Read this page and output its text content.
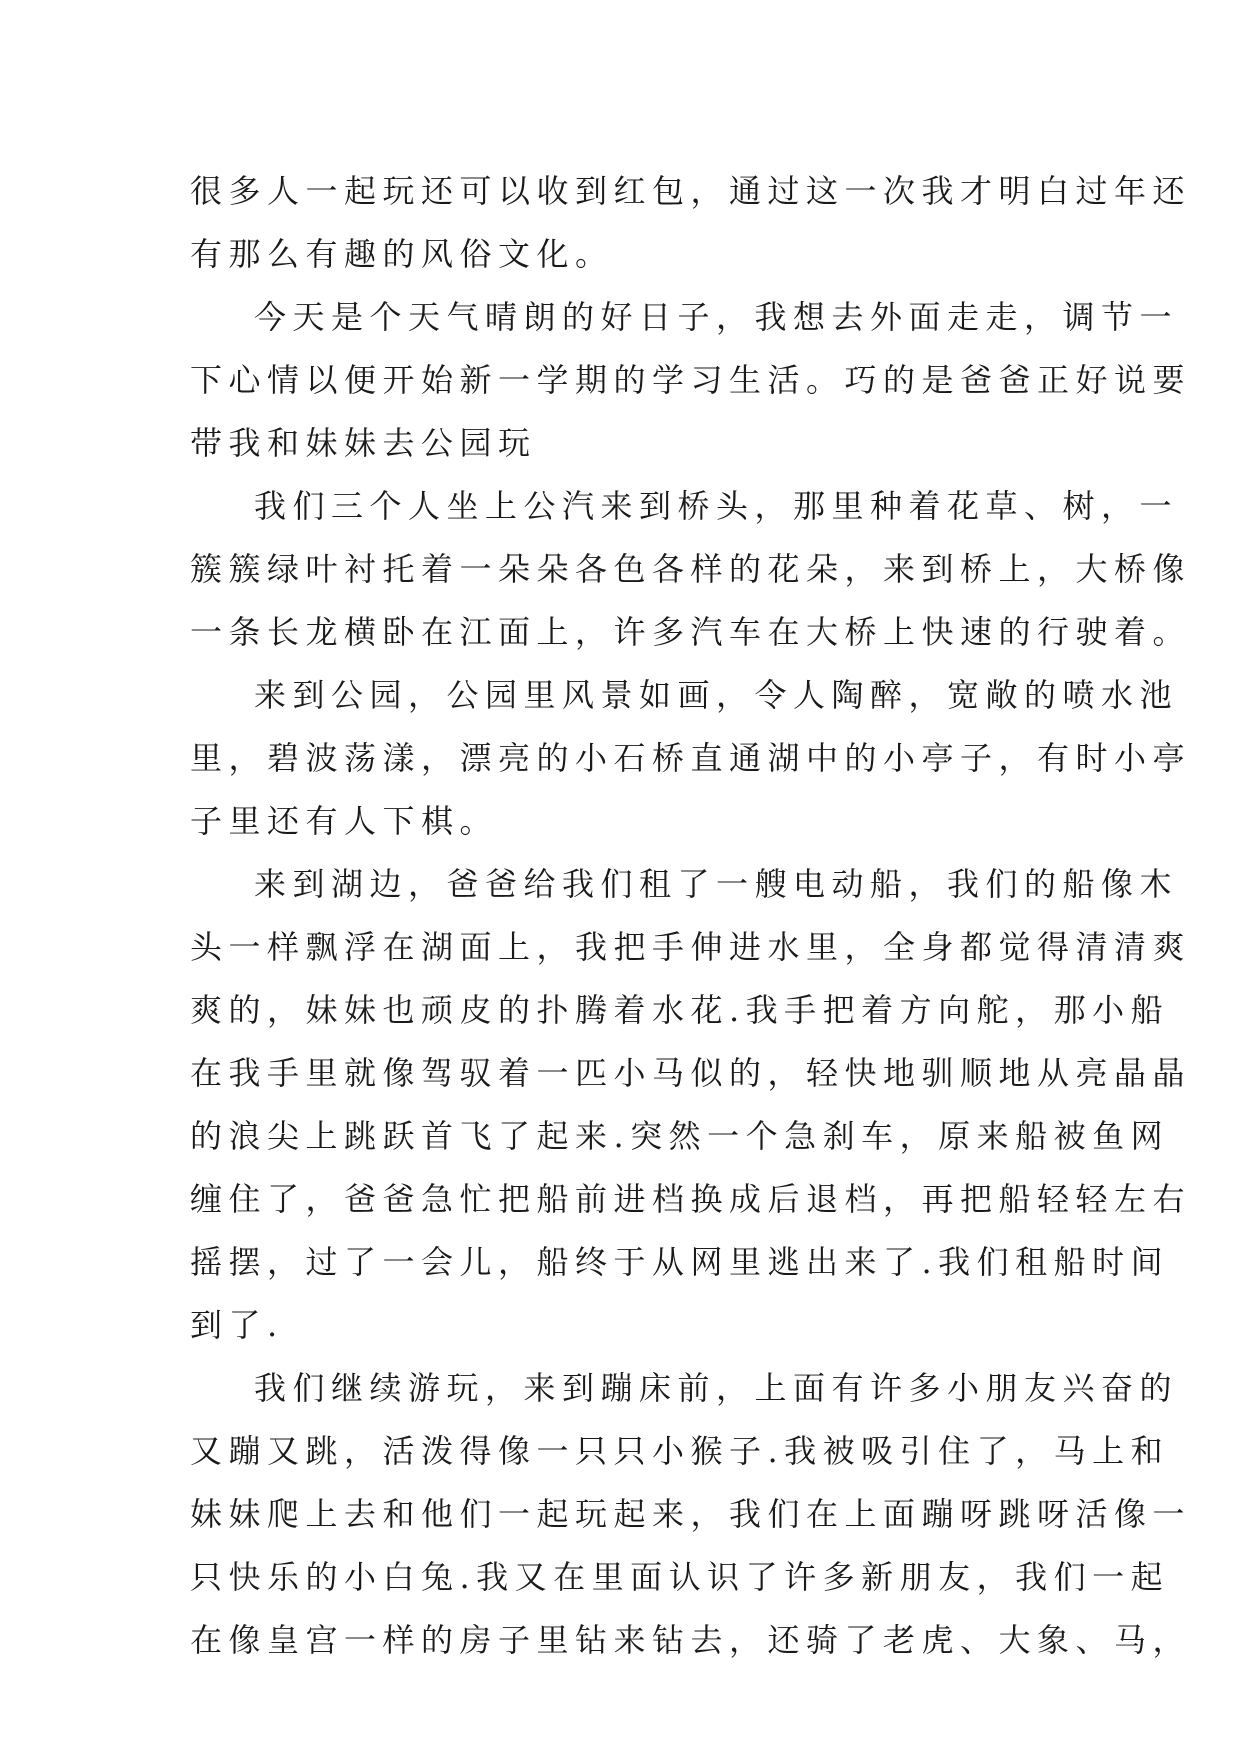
很多人一起玩还可以收到红包，通过这一次我才明白过年还
有那么有趣的风俗文化。
今天是个天气晴朗的好日子，我想去外面走走，调节一
下心情以便开始新一学期的学习生活。巧的是爸爸正好说要
带我和妹妹去公园玩
我们三个人坐上公汽来到桥头，那里种着花草、树，一
簇簇绿叶衬托着一朵朵各色各样的花朵，来到桥上，大桥像
一条长龙横卧在江面上，许多汽车在大桥上快速的行驶着。
来到公园，公园里风景如画，令人陶醉，宽敞的喷水池
里，碧波荡漾，漂亮的小石桥直通湖中的小亭子，有时小亭
子里还有人下棋。
来到湖边，爸爸给我们租了一艘电动船，我们的船像木
头一样飘浮在湖面上，我把手伸进水里，全身都觉得清清爽
爽的，妹妹也顽皮的扑腾着水花.我手把着方向舵，那小船
在我手里就像驾驭着一匹小马似的，轻快地驯顺地从亮晶晶
的浪尖上跳跃首飞了起来.突然一个急刹车，原来船被鱼网
缠住了，爸爸急忙把船前进档换成后退档，再把船轻轻左右
摇摆，过了一会儿，船终于从网里逃出来了.我们租船时间
到了.
我们继续游玩，来到蹦床前，上面有许多小朋友兴奋的
又蹦又跳，活泼得像一只只小猴子.我被吸引住了，马上和
妹妹爬上去和他们一起玩起来，我们在上面蹦呀跳呀活像一
只快乐的小白兔.我又在里面认识了许多新朋友，我们一起
在像皇宫一样的房子里钻来钻去，还骑了老虎、大象、马，
